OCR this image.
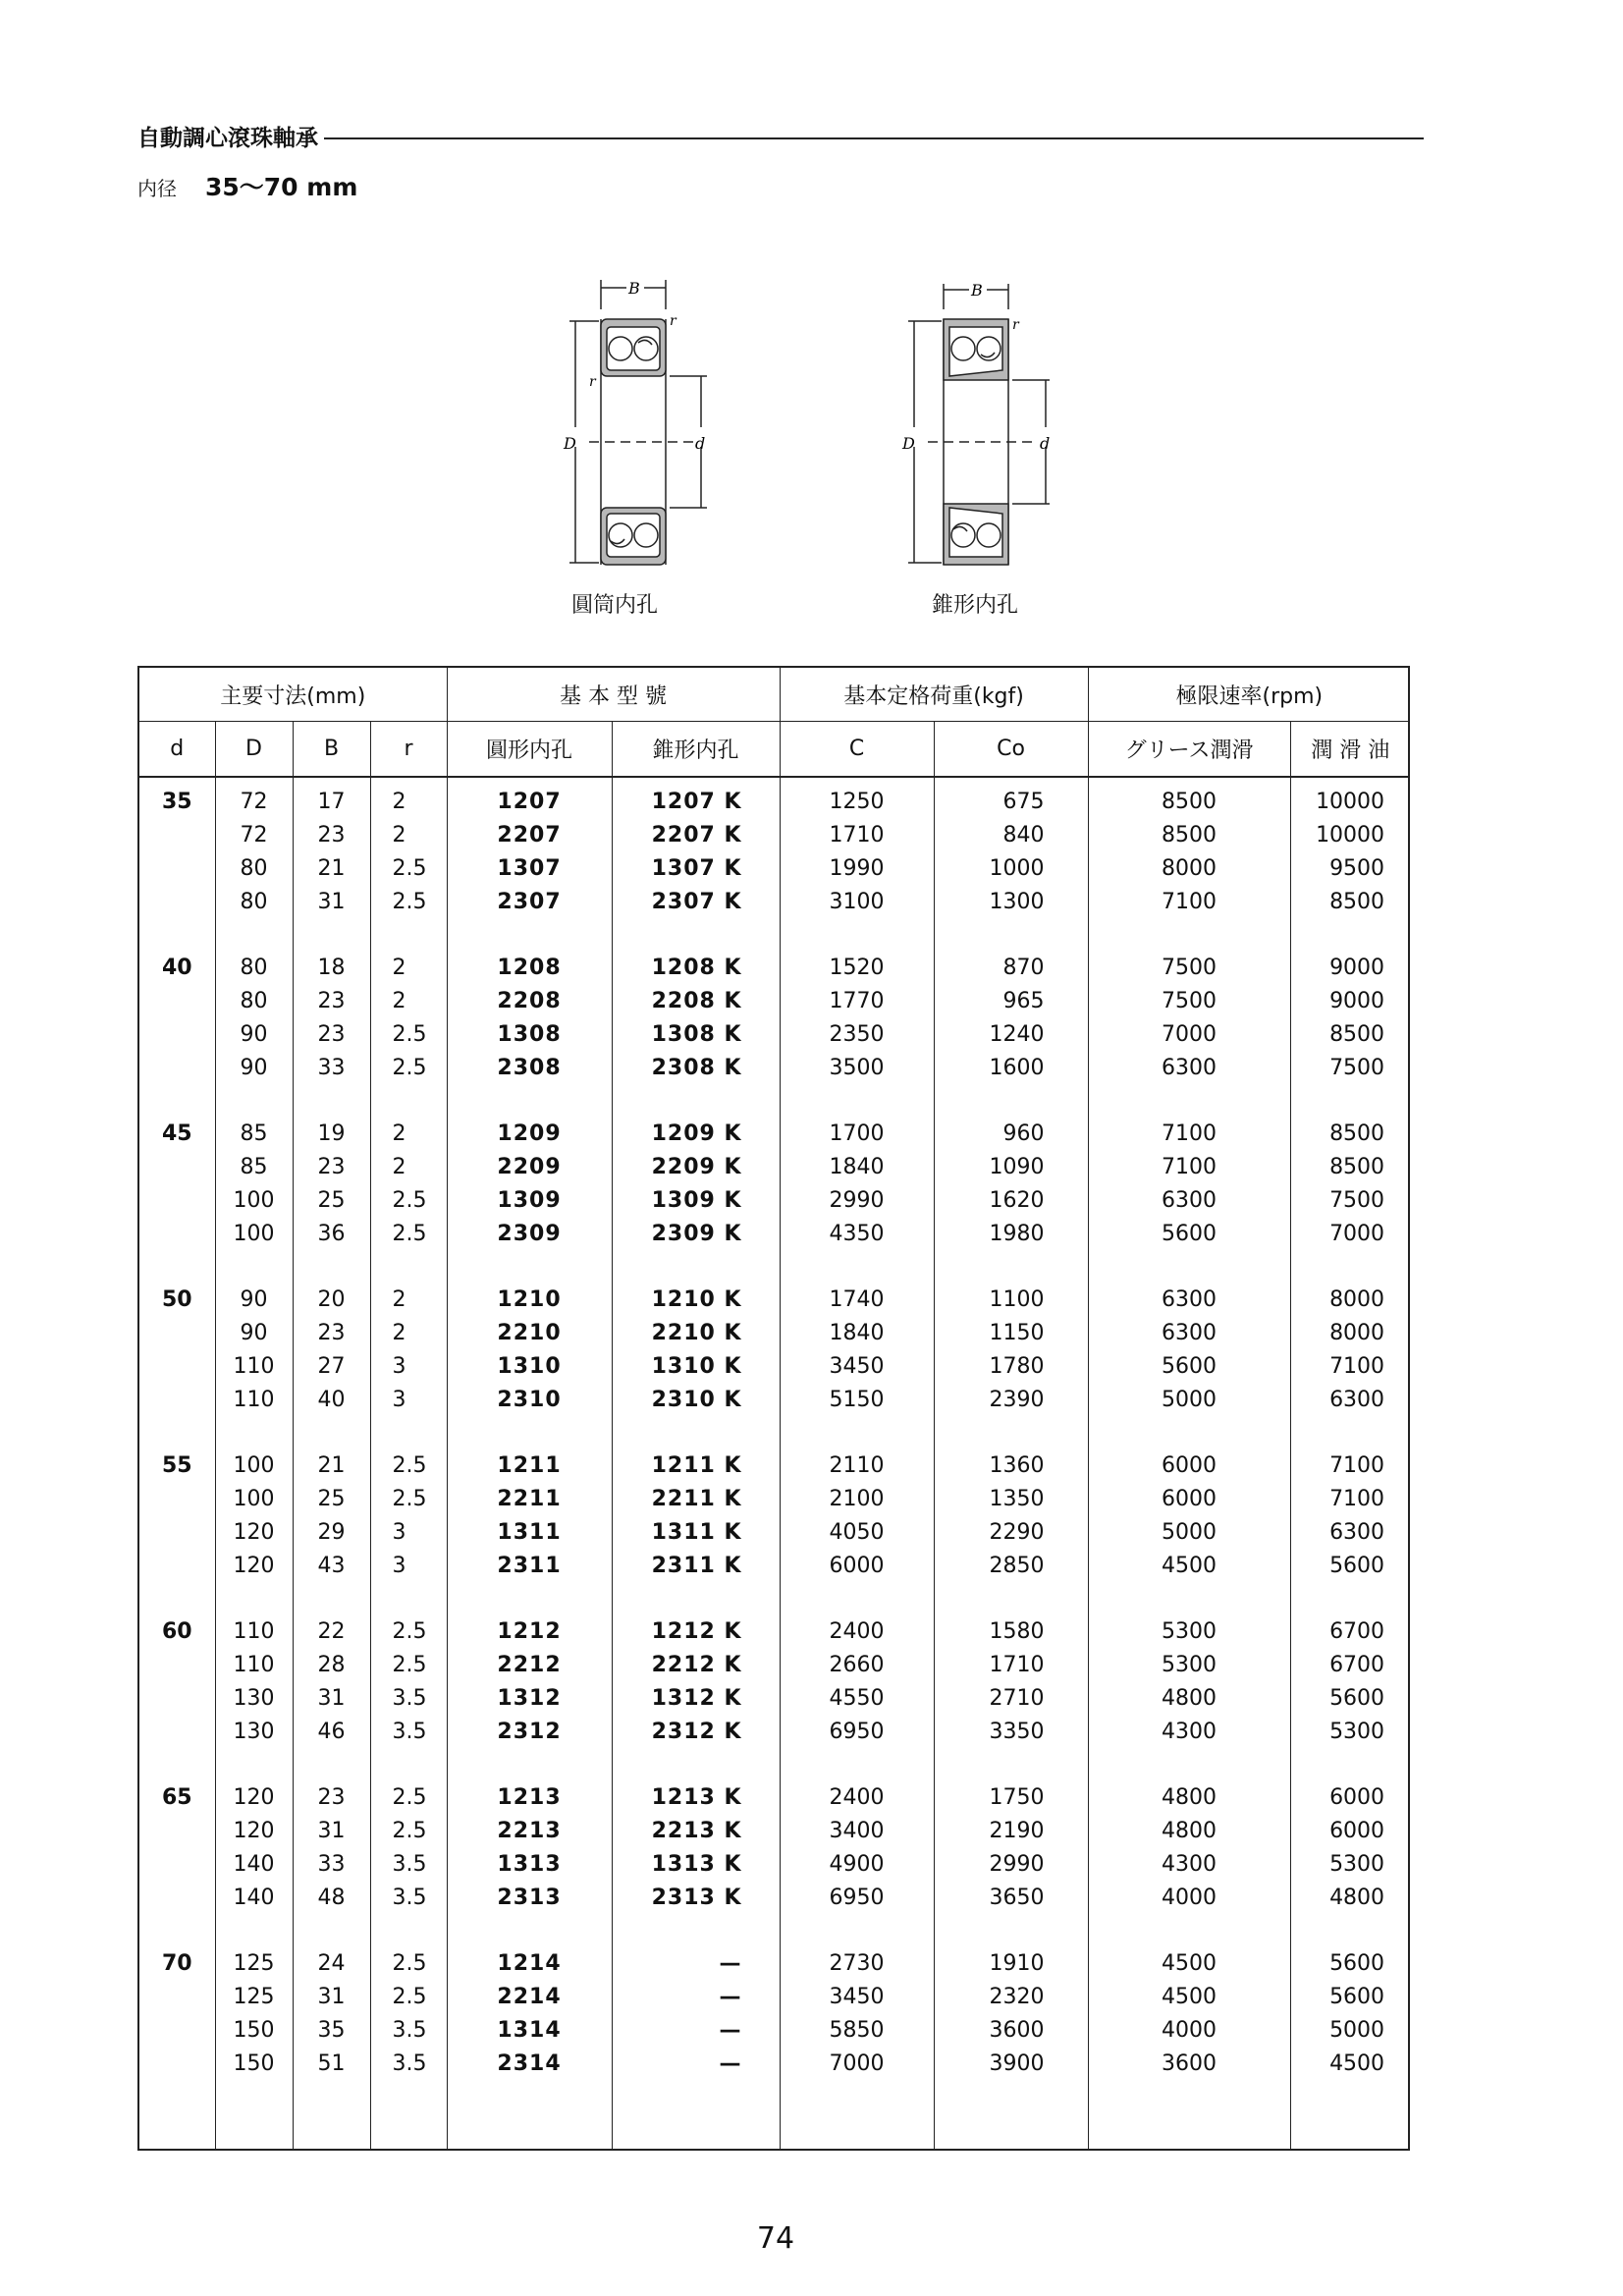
自動調心滾珠軸承
内径 35～70 mm
B
r
r
D	d
圓筒内孔
B
r
D	d
錐形内孔
主要寸法(mm)				基 本 型 號		基本定格荷重(kgf)		極限速率(rpm)	
d	D	B	r	圓形内孔	錐形内孔	C	Co	グリース潤滑	潤 滑 油
35	72	17	2	1207	1207 K	1250	675	8500	10000
	72	23	2	2207	2207 K	1710	840	8500	10000
	80	21	2.5	1307	1307 K	1990	1000	8000	9500
	80	31	2.5	2307	2307 K	3100	1300	7100	8500

40	80	18	2	1208	1208 K	1520	870	7500	9000
	80	23	2	2208	2208 K	1770	965	7500	9000
	90	23	2.5	1308	1308 K	2350	1240	7000	8500
	90	33	2.5	2308	2308 K	3500	1600	6300	7500

45	85	19	2	1209	1209 K	1700	960	7100	8500
	85	23	2	2209	2209 K	1840	1090	7100	8500
	100	25	2.5	1309	1309 K	2990	1620	6300	7500
	100	36	2.5	2309	2309 K	4350	1980	5600	7000

50	90	20	2	1210	1210 K	1740	1100	6300	8000
	90	23	2	2210	2210 K	1840	1150	6300	8000
	110	27	3	1310	1310 K	3450	1780	5600	7100
	110	40	3	2310	2310 K	5150	2390	5000	6300

55	100	21	2.5	1211	1211 K	2110	1360	6000	7100
	100	25	2.5	2211	2211 K	2100	1350	6000	7100
	120	29	3	1311	1311 K	4050	2290	5000	6300
	120	43	3	2311	2311 K	6000	2850	4500	5600

60	110	22	2.5	1212	1212 K	2400	1580	5300	6700
	110	28	2.5	2212	2212 K	2660	1710	5300	6700
	130	31	3.5	1312	1312 K	4550	2710	4800	5600
	130	46	3.5	2312	2312 K	6950	3350	4300	5300

65	120	23	2.5	1213	1213 K	2400	1750	4800	6000
	120	31	2.5	2213	2213 K	3400	2190	4800	6000
	140	33	3.5	1313	1313 K	4900	2990	4300	5300
	140	48	3.5	2313	2313 K	6950	3650	4000	4800

70	125	24	2.5	1214	—	2730	1910	4500	5600
	125	31	2.5	2214	—	3450	2320	4500	5600
	150	35	3.5	1314	—	5850	3600	4000	5000
	150	51	3.5	2314	—	7000	3900	3600	4500

74
